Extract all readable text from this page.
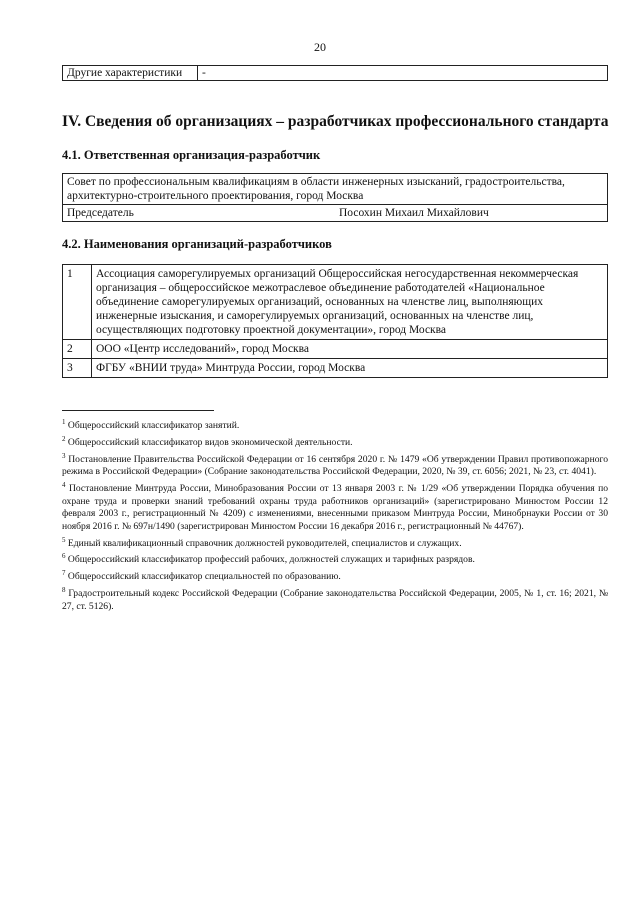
20
Другие характеристики	-
IV. Сведения об организациях – разработчиках профессионального стандарта
4.1. Ответственная организация-разработчик
Совет по профессиональным квалификациям в области инженерных изысканий, градостроительства, архитектурно-строительного проектирования, город Москва

Председатель	Посохин Михаил Михайлович
4.2. Наименования организаций-разработчиков
1	Ассоциация саморегулируемых организаций Общероссийская негосударственная некоммерческая организация – общероссийское межотраслевое объединение работодателей «Национальное объединение саморегулируемых организаций, основанных на членстве лиц, выполняющих инженерные изыскания, и саморегулируемых организаций, основанных на членстве лиц, осуществляющих подготовку проектной документации», город Москва
2	ООО «Центр исследований», город Москва
3	ФГБУ «ВНИИ труда» Минтруда России, город Москва

$^1$ Общероссийский классификатор занятий.

$^2$ Общероссийский классификатор видов экономической деятельности.

$^3$ Постановление Правительства Российской Федерации от 16 сентября 2020 г. № 1479 «Об утверждении Правил противопожарного режима в Российской Федерации» (Собрание законодательства Российской Федерации, 2020, № 39, ст. 6056; 2021, № 23, ст. 4041).

$^4$ Постановление Минтруда России, Минобразования России от 13 января 2003 г. № 1/29 «Об утверждении Порядка обучения по охране труда и проверки знаний требований охраны труда работников организаций» (зарегистрировано Минюстом России 12 февраля 2003 г., регистрационный № 4209) с изменениями, внесенными приказом Минтруда России, Минобрнауки России от 30 ноября 2016 г. № 697н/1490 (зарегистрирован Минюстом России 16 декабря 2016 г., регистрационный № 44767).

$^5$ Единый квалификационный справочник должностей руководителей, специалистов и служащих.

$^6$ Общероссийский классификатор профессий рабочих, должностей служащих и тарифных разрядов.

$^7$ Общероссийский классификатор специальностей по образованию.

$^8$ Градостроительный кодекс Российской Федерации (Собрание законодательства Российской Федерации, 2005, № 1, ст. 16; 2021, № 27, ст. 5126).
